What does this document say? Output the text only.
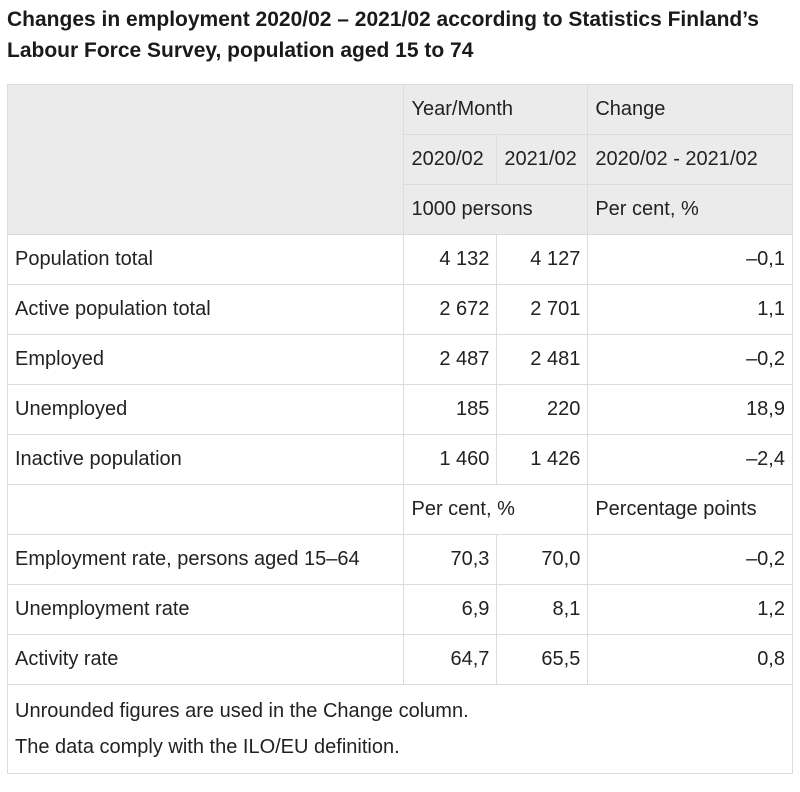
Changes in employment 2020/02 – 2021/02 according to Statistics Finland’s Labour Force Survey, population aged 15 to 74
	Year/Month		Change
	2020/02	2021/02	2020/02 - 2021/02
	1000 persons		Per cent, %
Population total	4 132	4 127	–0,1
Active population total	2 672	2 701	1,1
Employed	2 487	2 481	–0,2
Unemployed	185	220	18,9
Inactive population	1 460	1 426	–2,4
	Per cent, %		Percentage points
Employment rate, persons aged 15–64	70,3	70,0	–0,2
Unemployment rate	6,9	8,1	1,2
Activity rate	64,7	65,5	0,8

Unrounded figures are used in the Change column.
The data comply with the ILO/EU definition.			
